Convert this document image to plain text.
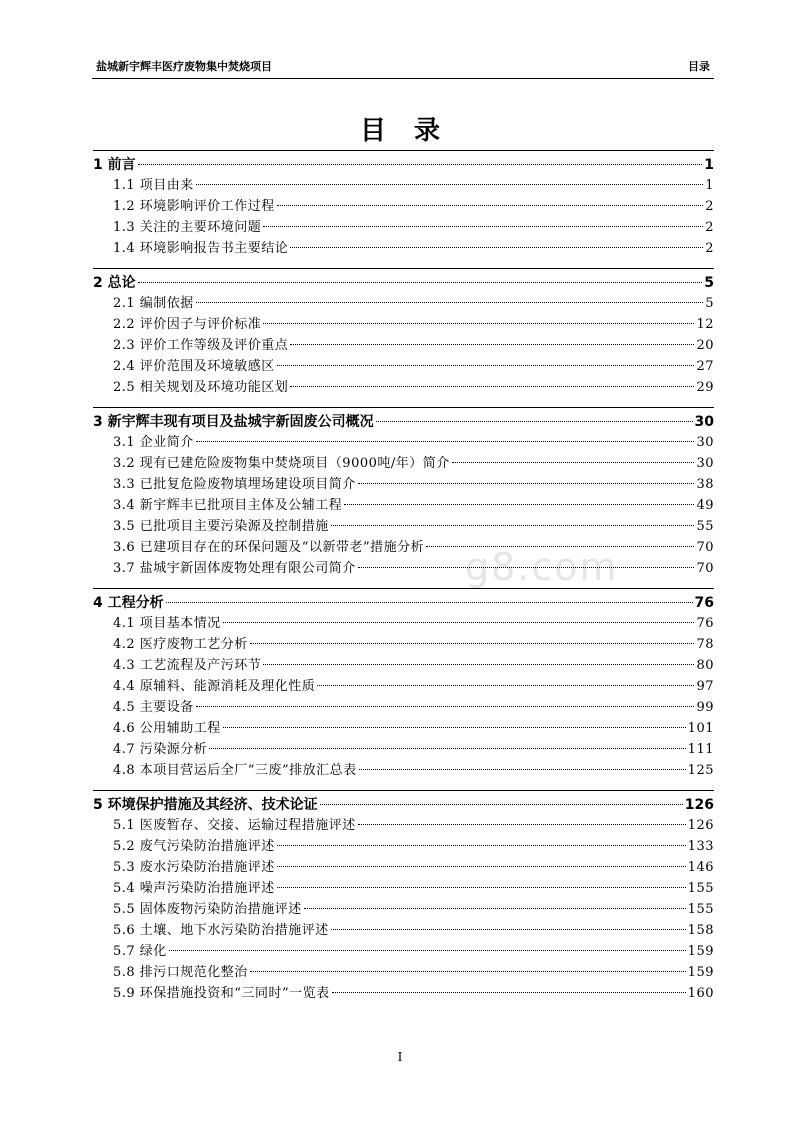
盐城新宇辉丰医疗废物集中焚烧项目	目录
目录
g8.com
1 前言	1
1.1 项目由来	1
1.2 环境影响评价工作过程	2
1.3 关注的主要环境问题	2
1.4 环境影响报告书主要结论	2
2 总论	5
2.1 编制依据	5
2.2 评价因子与评价标准	12
2.3 评价工作等级及评价重点	20
2.4 评价范围及环境敏感区	27
2.5 相关规划及环境功能区划	29
3 新宇辉丰现有项目及盐城宇新固废公司概况	30
3.1 企业简介	30
3.2 现有已建危险废物集中焚烧项目（9000吨/年）简介	30
3.3 已批复危险废物填埋场建设项目简介	38
3.4 新宇辉丰已批项目主体及公辅工程	49
3.5 已批项目主要污染源及控制措施	55
3.6 已建项目存在的环保问题及“以新带老”措施分析	70
3.7 盐城宇新固体废物处理有限公司简介	70
4 工程分析	76
4.1 项目基本情况	76
4.2 医疗废物工艺分析	78
4.3 工艺流程及产污环节	80
4.4 原辅料、能源消耗及理化性质	97
4.5 主要设备	99
4.6 公用辅助工程	101
4.7 污染源分析	111
4.8 本项目营运后全厂“三废”排放汇总表	125
5 环境保护措施及其经济、技术论证	126
5.1 医废暂存、交接、运输过程措施评述	126
5.2 废气污染防治措施评述	133
5.3 废水污染防治措施评述	146
5.4 噪声污染防治措施评述	155
5.5 固体废物污染防治措施评述	155
5.6 土壤、地下水污染防治措施评述	158
5.7 绿化	159
5.8 排污口规范化整治	159
5.9 环保措施投资和“三同时”一览表	160
I
